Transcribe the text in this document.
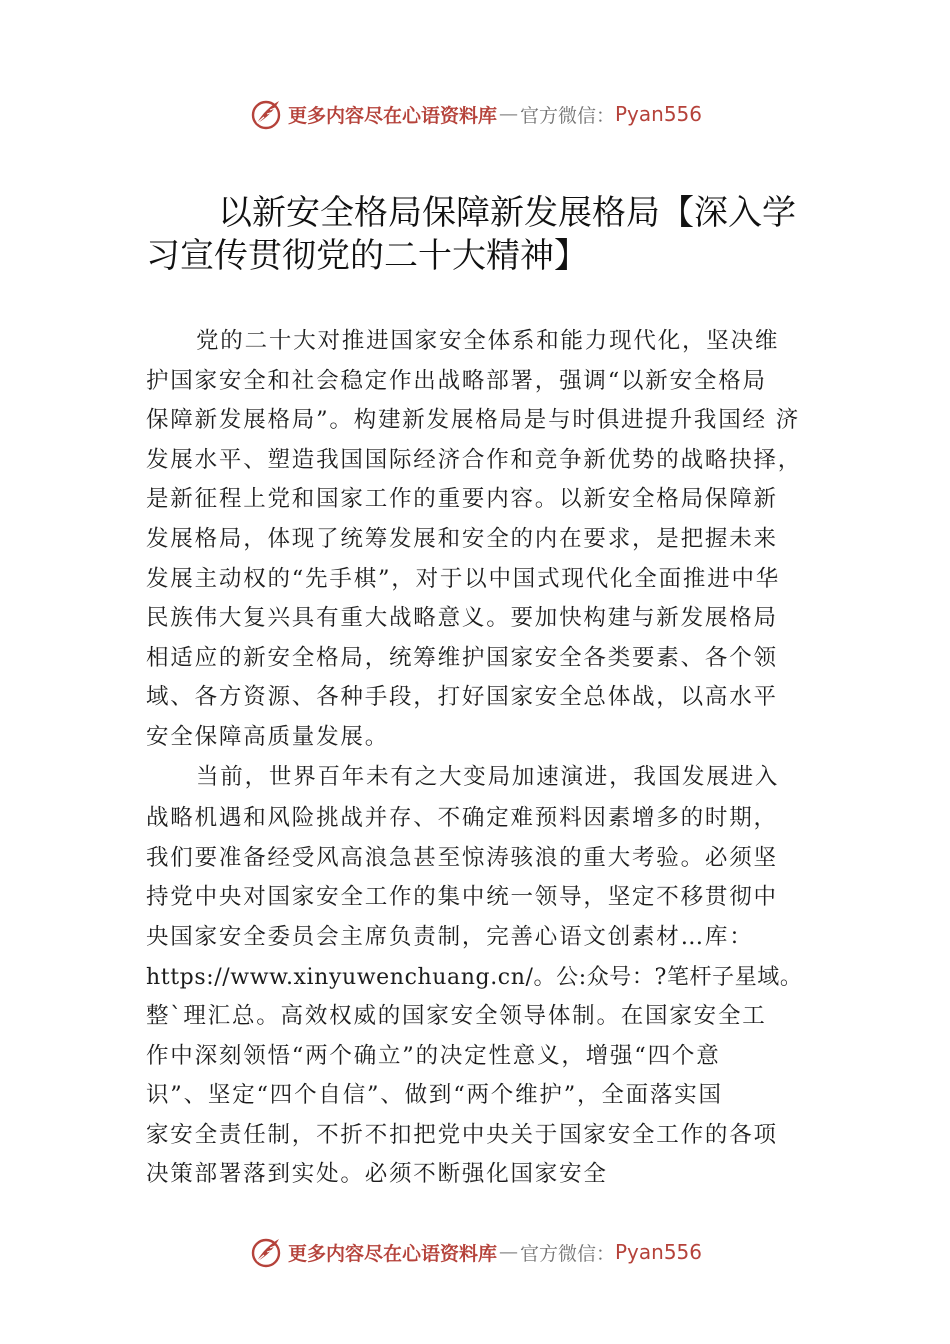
更多内容尽在心语资料库 — 官方微信： Pyan556
以新安全格局保障新发展格局【深入学习宣传贯彻党的二十大精神】
党的二十大对推进国家安全体系和能力现代化，坚决维
护国家安全和社会稳定作出战略部署，强调“以新安全格局
保障新发展格局”。构建新发展格局是与时俱进提升我国经 济
发展水平、塑造我国国际经济合作和竞争新优势的战略抉择，
是新征程上党和国家工作的重要内容。以新安全格局保障新
发展格局，体现了统筹发展和安全的内在要求，是把握未来
发展主动权的“先手棋”，对于以中国式现代化全面推进中华
民族伟大复兴具有重大战略意义。要加快构建与新发展格局
相适应的新安全格局，统筹维护国家安全各类要素、各个领
域、各方资源、各种手段，打好国家安全总体战，以高水平
安全保障高质量发展。
当前，世界百年未有之大变局加速演进，我国发展进入
战略机遇和风险挑战并存、不确定难预料因素增多的时期，
我们要准备经受风高浪急甚至惊涛骇浪的重大考验。必须坚
持党中央对国家安全工作的集中统一领导，坚定不移贯彻中
央国家安全委员会主席负责制，完善心语文创素材…库：
https://www.xinyuwenchuang.cn/。公:众号：?笔杆子星域。
整`理汇总。高效权威的国家安全领导体制。在国家安全工
作中深刻领悟“两个确立”的决定性意义，增强“四个意
识”、坚定“四个自信”、做到“两个维护”，全面落实国
家安全责任制，不折不扣把党中央关于国家安全工作的各项
决策部署落到实处。必须不断强化国家安全
更多内容尽在心语资料库 — 官方微信： Pyan556
